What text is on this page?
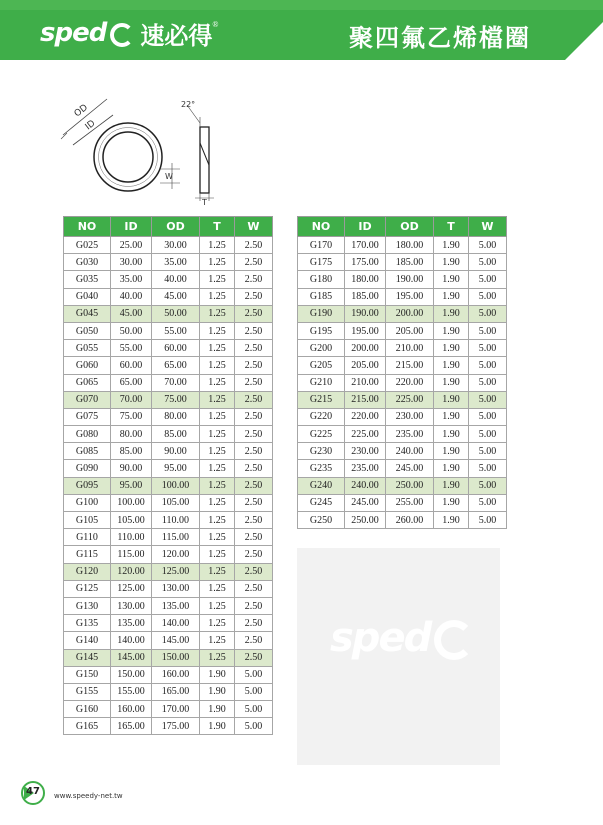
sped 速必得 ®	聚四氟乙烯檔圈
OD
ID
W
22°
T
NO	ID	OD	T	W
G025	25.00	30.00	1.25	2.50
G030	30.00	35.00	1.25	2.50
G035	35.00	40.00	1.25	2.50
G040	40.00	45.00	1.25	2.50
G045	45.00	50.00	1.25	2.50
G050	50.00	55.00	1.25	2.50
G055	55.00	60.00	1.25	2.50
G060	60.00	65.00	1.25	2.50
G065	65.00	70.00	1.25	2.50
G070	70.00	75.00	1.25	2.50
G075	75.00	80.00	1.25	2.50
G080	80.00	85.00	1.25	2.50
G085	85.00	90.00	1.25	2.50
G090	90.00	95.00	1.25	2.50
G095	95.00	100.00	1.25	2.50
G100	100.00	105.00	1.25	2.50
G105	105.00	110.00	1.25	2.50
G110	110.00	115.00	1.25	2.50
G115	115.00	120.00	1.25	2.50
G120	120.00	125.00	1.25	2.50
G125	125.00	130.00	1.25	2.50
G130	130.00	135.00	1.25	2.50
G135	135.00	140.00	1.25	2.50
G140	140.00	145.00	1.25	2.50
G145	145.00	150.00	1.25	2.50
G150	150.00	160.00	1.90	5.00
G155	155.00	165.00	1.90	5.00
G160	160.00	170.00	1.90	5.00
G165	165.00	175.00	1.90	5.00
NO	ID	OD	T	W
G170	170.00	180.00	1.90	5.00
G175	175.00	185.00	1.90	5.00
G180	180.00	190.00	1.90	5.00
G185	185.00	195.00	1.90	5.00
G190	190.00	200.00	1.90	5.00
G195	195.00	205.00	1.90	5.00
G200	200.00	210.00	1.90	5.00
G205	205.00	215.00	1.90	5.00
G210	210.00	220.00	1.90	5.00
G215	215.00	225.00	1.90	5.00
G220	220.00	230.00	1.90	5.00
G225	225.00	235.00	1.90	5.00
G230	230.00	240.00	1.90	5.00
G235	235.00	245.00	1.90	5.00
G240	240.00	250.00	1.90	5.00
G245	245.00	255.00	1.90	5.00
G250	250.00	260.00	1.90	5.00
sped
47	www.speedy-net.tw
